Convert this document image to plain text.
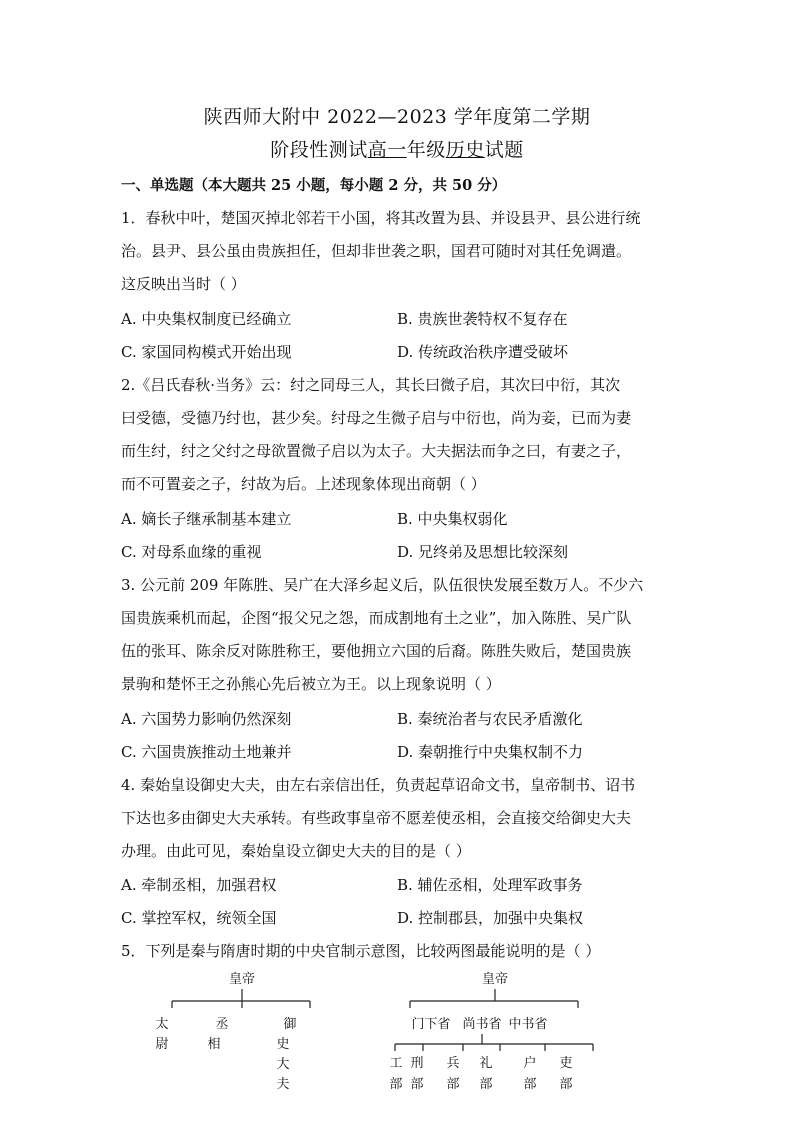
陕西师大附中 2022—2023 学年度第二学期
阶段性测试高一年级历史试题
一、单选题（本大题共 25 小题，每小题 2 分，共 50 分）
1．春秋中叶，楚国灭掉北邻若干小国，将其改置为县、并设县尹、县公进行统
治。县尹、县公虽由贵族担任，但却非世袭之职，国君可随时对其任免调遣。
这反映出当时（ ）
A. 中央集权制度已经确立	B. 贵族世袭特权不复存在
C. 家国同构模式开始出现	D. 传统政治秩序遭受破坏
2.《吕氏春秋·当务》云：纣之同母三人，其长曰微子启，其次曰中衍，其次
曰受德，受德乃纣也，甚少矣。纣母之生微子启与中衍也，尚为妾，已而为妻
而生纣，纣之父纣之母欲置微子启以为太子。大夫据法而争之曰，有妻之子，
而不可置妾之子，纣故为后。上述现象体现出商朝（ ）
A. 嫡长子继承制基本建立	B. 中央集权弱化
C. 对母系血缘的重视	D. 兄终弟及思想比较深刻
3. 公元前 209 年陈胜、吴广在大泽乡起义后，队伍很快发展至数万人。不少六
国贵族乘机而起，企图“报父兄之怨，而成割地有土之业”，加入陈胜、吴广队
伍的张耳、陈余反对陈胜称王，要他拥立六国的后裔。陈胜失败后，楚国贵族
景驹和楚怀王之孙熊心先后被立为王。以上现象说明（ ）
A. 六国势力影响仍然深刻	B. 秦统治者与农民矛盾激化
C. 六国贵族推动土地兼并	D. 秦朝推行中央集权制不力
4. 秦始皇设御史大夫，由左右亲信出任，负责起草诏命文书，皇帝制书、诏书
下达也多由御史大夫承转。有些政事皇帝不愿差使丞相，会直接交给御史大夫
办理。由此可见，秦始皇设立御史大夫的目的是（ ）
A. 牵制丞相，加强君权	B. 辅佐丞相，处理军政事务
C. 掌控军权，统领全国	D. 控制郡县，加强中央集权
5．下列是秦与隋唐时期的中央官制示意图，比较两图最能说明的是（ ）
皇帝
太
尉
丞
相
御
史
大
夫
皇帝
门下省 尚书省 中书省
工
部
刑
部
兵
部
礼
部
户
部
吏
部
